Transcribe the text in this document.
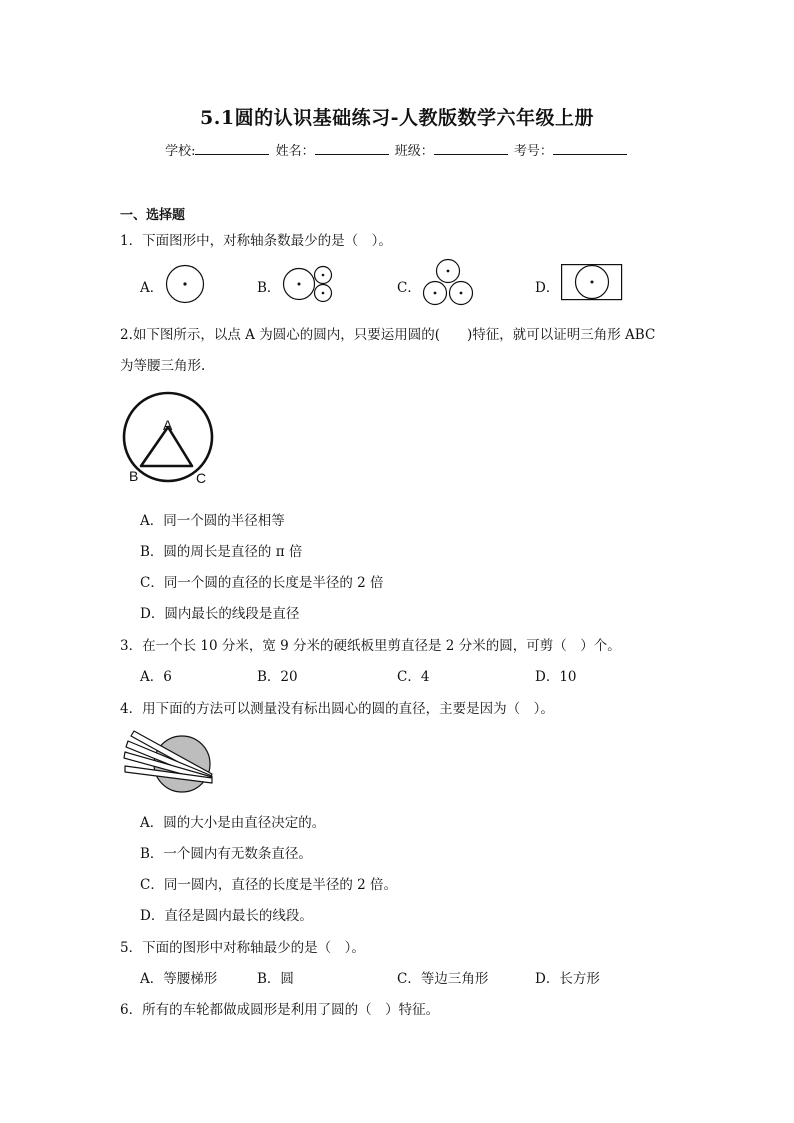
5.1圆的认识基础练习-人教版数学六年级上册
学校:	姓名：	班级：	考号：
一、选择题
1．下面图形中，对称轴条数最少的是（　）。
A．	B．	C．	D．
2.如下图所示，以点 A 为圆心的圆内，只要运用圆的(　　)特征，就可以证明三角形 ABC
为等腰三角形.
A
B	C
A．同一个圆的半径相等
B．圆的周长是直径的 π 倍
C．同一个圆的直径的长度是半径的 2 倍
D．圆内最长的线段是直径
3．在一个长 10 分米，宽 9 分米的硬纸板里剪直径是 2 分米的圆，可剪（　）个。
A．6	B．20	C．4	D．10
4．用下面的方法可以测量没有标出圆心的圆的直径，主要是因为（　）。
A．圆的大小是由直径决定的。
B．一个圆内有无数条直径。
C．同一圆内，直径的长度是半径的 2 倍。
D．直径是圆内最长的线段。
5．下面的图形中对称轴最少的是（　）。
A．等腰梯形	B．圆	C．等边三角形	D．长方形
6．所有的车轮都做成圆形是利用了圆的（　）特征。
